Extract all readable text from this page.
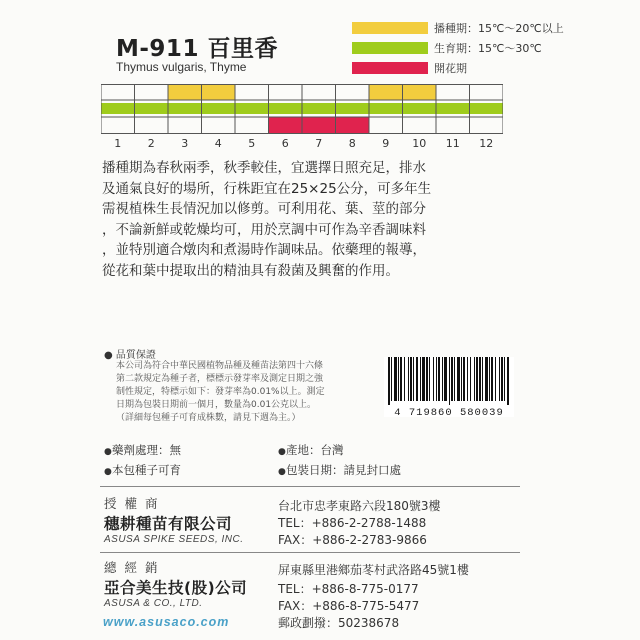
M-911 百里香
Thymus vulgaris, Thyme
播種期：15℃～20℃以上
生育期：15℃～30℃
開花期
1	2	3	4	5	6	7	8	9	10	11	12

播種期為春秋兩季，秋季較佳，宜選擇日照充足，排水

及通氣良好的場所，行株距宜在25×25公分，可多年生

需視植株生長情況加以修剪。可利用花、葉、莖的部分

，不論新鮮或乾燥均可，用於烹調中可作為辛香調味料

，並特別適合燉肉和煮湯時作調味品。依藥理的報導，

從花和葉中提取出的精油具有殺菌及興奮的作用。

● 品質保證

本公司為符合中華民國植物品種及種苗法第四十六條

第二款規定為種子者，標標示發芽率及測定日期之強

制性規定，特標示如下：發芽率為0.01%以上。測定

日期為包裝日期前一個月，數量為0.01公克以上。

（詳細每包種子可育成株數，請見下週為主。）	4 719860 580039
●藥劑處理：無	●產地：台灣
●本包種子可育	●包裝日期：請見封口處
授 權 商
穗耕種苗有限公司
ASUSA SPIKE SEEDS, INC.
台北市忠孝東路六段180號3樓
TEL：+886-2-2788-1488
FAX：+886-2-2783-9866
總 經 銷
亞合美生技(股)公司
ASUSA & CO., LTD.
屏東縣里港鄉茄苳村武洛路45號1樓
TEL：+886-8-775-0177
FAX：+886-8-775-5477
郵政劃撥：50238678
www.asusaco.com
